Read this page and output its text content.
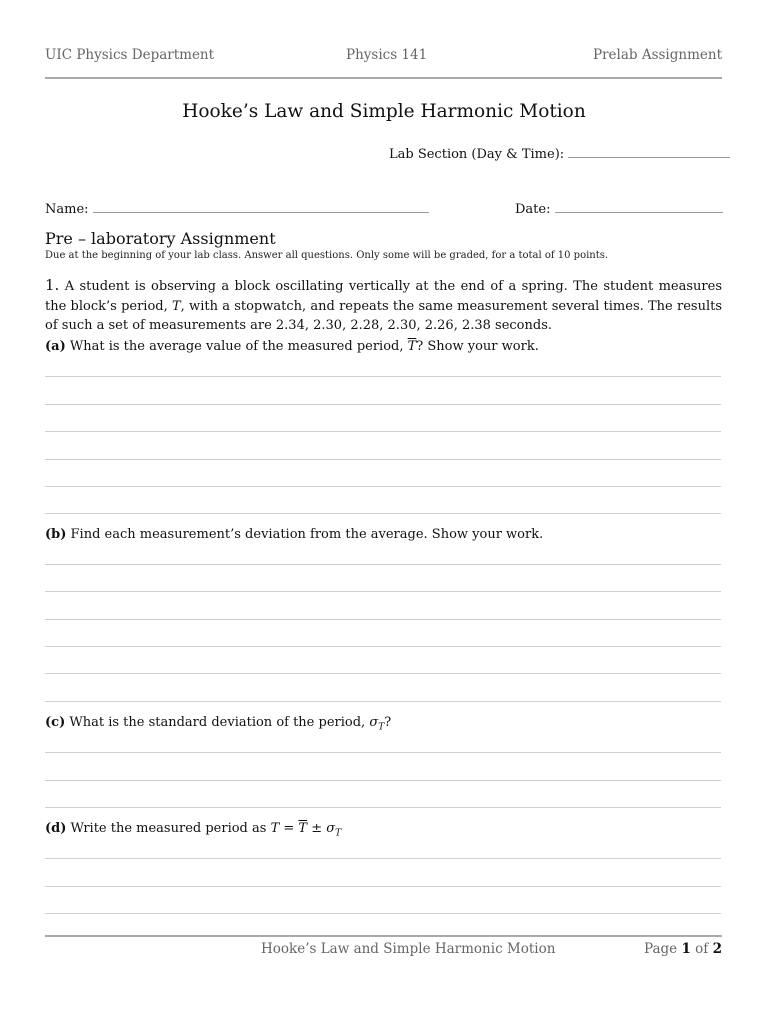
UIC Physics Department	Physics 141	Prelab Assignment
Hooke’s Law and Simple Harmonic Motion
Lab Section (Day & Time):
Name:	Date:
Pre – laboratory Assignment
Due at the beginning of your lab class. Answer all questions. Only some will be graded, for a total of 10 points.
1. A student is observing a block oscillating vertically at the end of a spring. The student measures the block’s period, T, with a stopwatch, and repeats the same measurement several times. The results of such a set of measurements are 2.34, 2.30, 2.28, 2.30, 2.26, 2.38 seconds.
(a) What is the average value of the measured period, $\overline{T}$? Show your work.
(b) Find each measurement’s deviation from the average. Show your work.
(c) What is the standard deviation of the period, $\sigma_T$?
(d) Write the measured period as $T = \overline{T} \pm \sigma_T$
Hooke’s Law and Simple Harmonic Motion	Page 1 of 2
